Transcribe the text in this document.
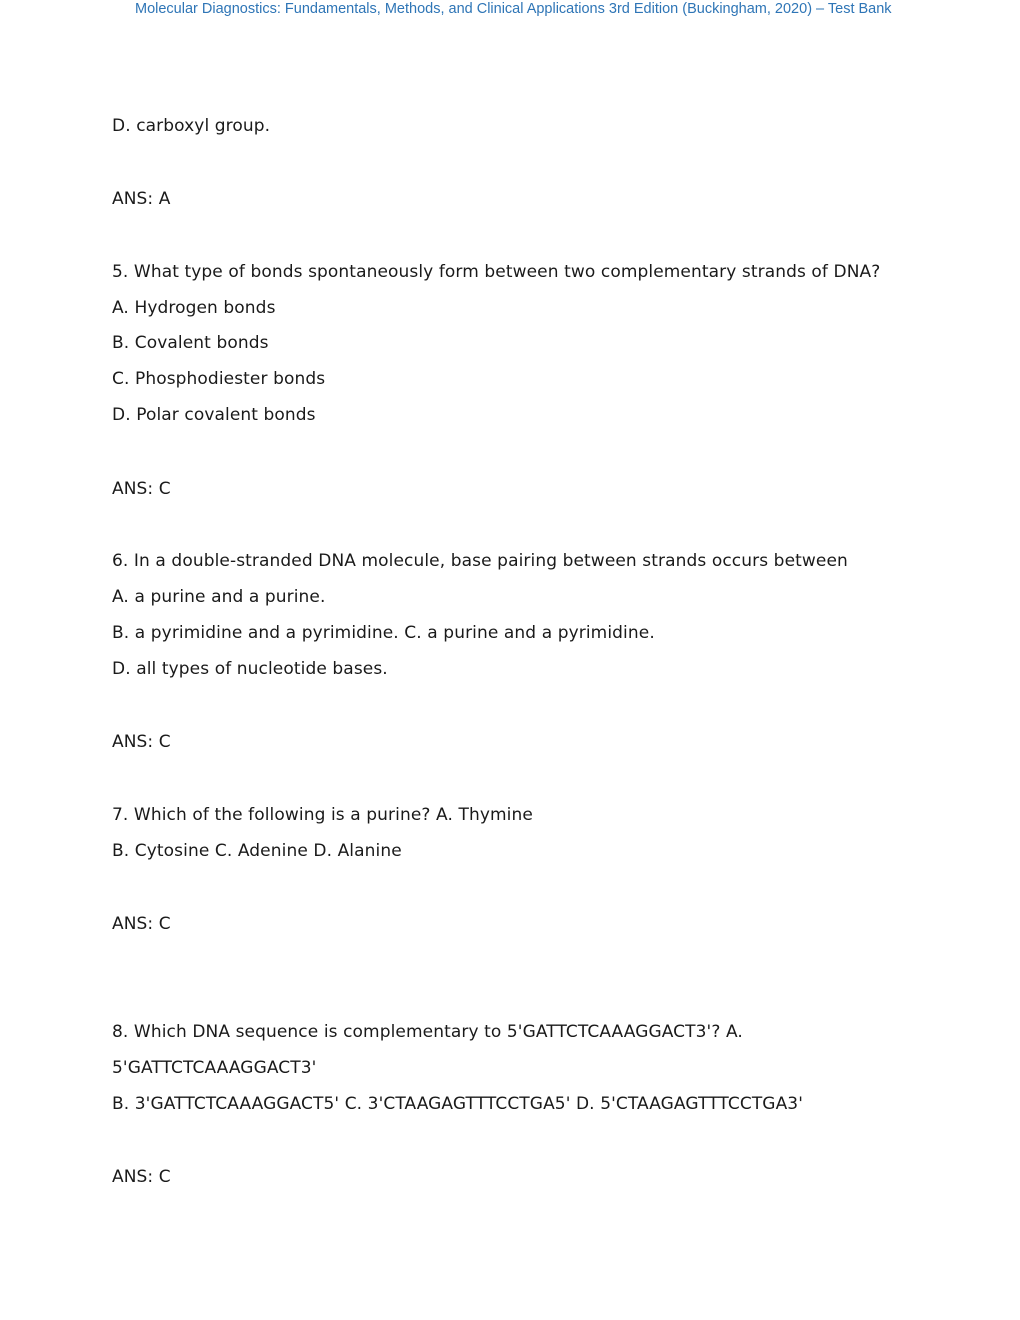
Molecular Diagnostics: Fundamentals, Methods, and Clinical Applications 3rd Edition (Buckingham, 2020) – Test Bank
D. carboxyl group.
ANS: A
5. What type of bonds spontaneously form between two complementary strands of DNA?
A. Hydrogen bonds
B. Covalent bonds
C. Phosphodiester bonds
D. Polar covalent bonds
ANS: C
6. In a double-stranded DNA molecule, base pairing between strands occurs between
A. a purine and a purine.
B. a pyrimidine and a pyrimidine. C. a purine and a pyrimidine.
D. all types of nucleotide bases.
ANS: C
7. Which of the following is a purine? A. Thymine
B. Cytosine C. Adenine D. Alanine
ANS: C
8. Which DNA sequence is complementary to 5'GATTCTCAAAGGACT3'? A.
5'GATTCTCAAAGGACT3'
B. 3'GATTCTCAAAGGACT5' C. 3'CTAAGAGTTTCCTGA5' D. 5'CTAAGAGTTTCCTGA3'
ANS: C
